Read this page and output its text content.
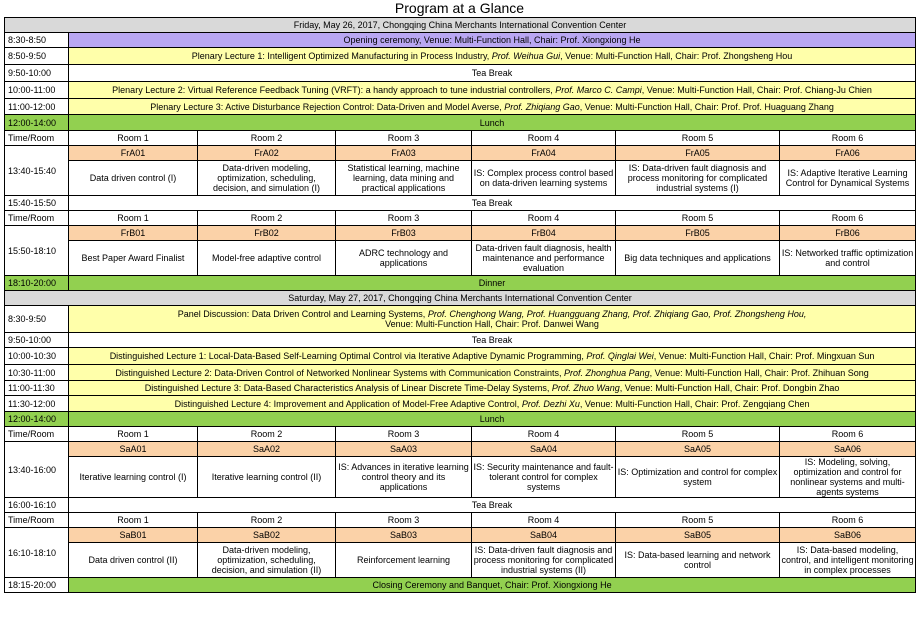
Program at a Glance
Friday, May 26, 2017, Chongqing China Merchants International Convention Center						
8:30-8:50	Opening ceremony, Venue: Multi-Function Hall, Chair: Prof. Xiongxiong He					
8:50-9:50	Plenary Lecture 1: Intelligent Optimized Manufacturing in Process Industry, Prof. Weihua Gui, Venue: Multi-Function Hall, Chair: Prof. Zhongsheng Hou					
9:50-10:00	Tea Break					
10:00-11:00	Plenary Lecture 2: Virtual Reference Feedback Tuning (VRFT): a handy approach to tune industrial controllers, Prof. Marco C. Campi, Venue: Multi-Function Hall, Chair: Prof. Chiang-Ju Chien					
11:00-12:00	Plenary Lecture 3: Active Disturbance Rejection Control: Data-Driven and Model Averse, Prof. Zhiqiang Gao, Venue: Multi-Function Hall, Chair: Prof. Prof. Huaguang Zhang					
12:00-14:00	Lunch					
Time/Room	Room 1	Room 2	Room 3	Room 4	Room 5	Room 6
13:40-15:40	FrA01	FrA02	FrA03	FrA04	FrA05	FrA06
	Data driven control (I)	Data-driven modeling, optimization, scheduling, decision, and simulation (I)	Statistical learning, machine learning, data mining and practical applications	IS: Complex process control based on data-driven learning systems	IS: Data-driven fault diagnosis and process monitoring for complicated industrial systems (I)	IS: Adaptive Iterative Learning Control for Dynamical Systems
15:40-15:50	Tea Break					
Time/Room	Room 1	Room 2	Room 3	Room 4	Room 5	Room 6
15:50-18:10	FrB01	FrB02	FrB03	FrB04	FrB05	FrB06
	Best Paper Award Finalist	Model-free adaptive control	ADRC technology and applications	Data-driven fault diagnosis, health maintenance and performance evaluation	Big data techniques and applications	IS: Networked traffic optimization and control
18:10-20:00	Dinner					
Saturday, May 27, 2017, Chongqing China Merchants International Convention Center						
8:30-9:50	Panel Discussion: Data Driven Control and Learning Systems, Prof. Chenghong Wang, Prof. Huangguang Zhang, Prof. Zhiqiang Gao, Prof. Zhongsheng Hou,
Venue: Multi-Function Hall, Chair: Prof. Danwei Wang					
9:50-10:00	Tea Break					
10:00-10:30	Distinguished Lecture 1: Local-Data-Based Self-Learning Optimal Control via Iterative Adaptive Dynamic Programming, Prof. Qinglai Wei, Venue: Multi-Function Hall, Chair: Prof. Mingxuan Sun					
10:30-11:00	Distinguished Lecture 2: Data-Driven Control of Networked Nonlinear Systems with Communication Constraints, Prof. Zhonghua Pang, Venue: Multi-Function Hall, Chair: Prof. Zhihuan Song					
11:00-11:30	Distinguished Lecture 3: Data-Based Characteristics Analysis of Linear Discrete Time-Delay Systems, Prof. Zhuo Wang, Venue: Multi-Function Hall, Chair: Prof. Dongbin Zhao					
11:30-12:00	Distinguished Lecture 4: Improvement and Application of Model-Free Adaptive Control, Prof. Dezhi Xu, Venue: Multi-Function Hall, Chair: Prof. Zengqiang Chen					
12:00-14:00	Lunch					
Time/Room	Room 1	Room 2	Room 3	Room 4	Room 5	Room 6
13:40-16:00	SaA01	SaA02	SaA03	SaA04	SaA05	SaA06
	Iterative learning control (I)	Iterative learning control (II)	IS: Advances in iterative learning control theory and its applications	IS: Security maintenance and fault-tolerant control for complex systems	IS: Optimization and control for complex system	IS: Modeling, solving, optimization and control for nonlinear systems and multi-agents systems
16:00-16:10	Tea Break					
Time/Room	Room 1	Room 2	Room 3	Room 4	Room 5	Room 6
16:10-18:10	SaB01	SaB02	SaB03	SaB04	SaB05	SaB06
	Data driven control (II)	Data-driven modeling, optimization, scheduling, decision, and simulation (II)	Reinforcement learning	IS: Data-driven fault diagnosis and process monitoring for complicated industrial systems (II)	IS: Data-based learning and network control	IS: Data-based modeling, control, and intelligent monitoring in complex processes
18:15-20:00	Closing Ceremony and Banquet, Chair: Prof. Xiongxiong He					
